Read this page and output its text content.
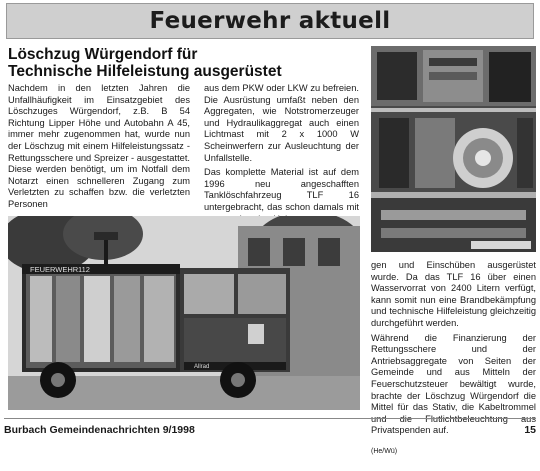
Feuerwehr aktuell
Löschzug Würgendorf für
Technische Hilfeleistung ausgerüstet

Nachdem in den letzten Jahren die Unfallhäufigkeit im Einsatzgebiet des Löschzuges Würgendorf, z.B. B 54 Richtung Lipper Höhe und Autobahn A 45, immer mehr zugenommen hat, wurde nun der Löschzug mit einem Hilfeleistungssatz - Rettungsschere und Spreizer - ausgestattet. Diese werden benötigt, um im Notfall dem Notarzt einen schnelleren Zugang zum Verletzten zu schaffen bzw. die verletzten Personen

aus dem PKW oder LKW zu befreien. Die Ausrüstung umfaßt neben den Aggregaten, wie Notstromerzeuger und Hydraulikaggregat auch einen Lichtmast mit 2 x 1000 W Scheinwerfern zur Ausleuchtung der Unfallstelle.

Das komplette Material ist auf dem 1996 neu angeschafften Tanklöschfahrzeug TLF 16 untergebracht, das schon damals mit

gen und Einschüben ausgerüstet wurde. Da das TLF 16 über einen Wasservorrat von 2400 Litern verfügt, kann somit nun eine Brandbekämpfung und technische Hilfeleistung gleichzeitig durchgeführt werden.

Während die Finanzierung der Rettungsschere und der Antriebsaggregate von Seiten der Gemeinde und aus Mitteln der Feuerschutzsteuer bewältigt wurde, brachte der Löschzug Würgendorf die Mittel für das Stativ, die Kabeltrommel und die Flutlichtbeleuchtung aus Privatspenden auf.

(He/Wü)
FEUERWEHR 112
Allrad
Burbach Gemeindenachrichten 9/1998	15
